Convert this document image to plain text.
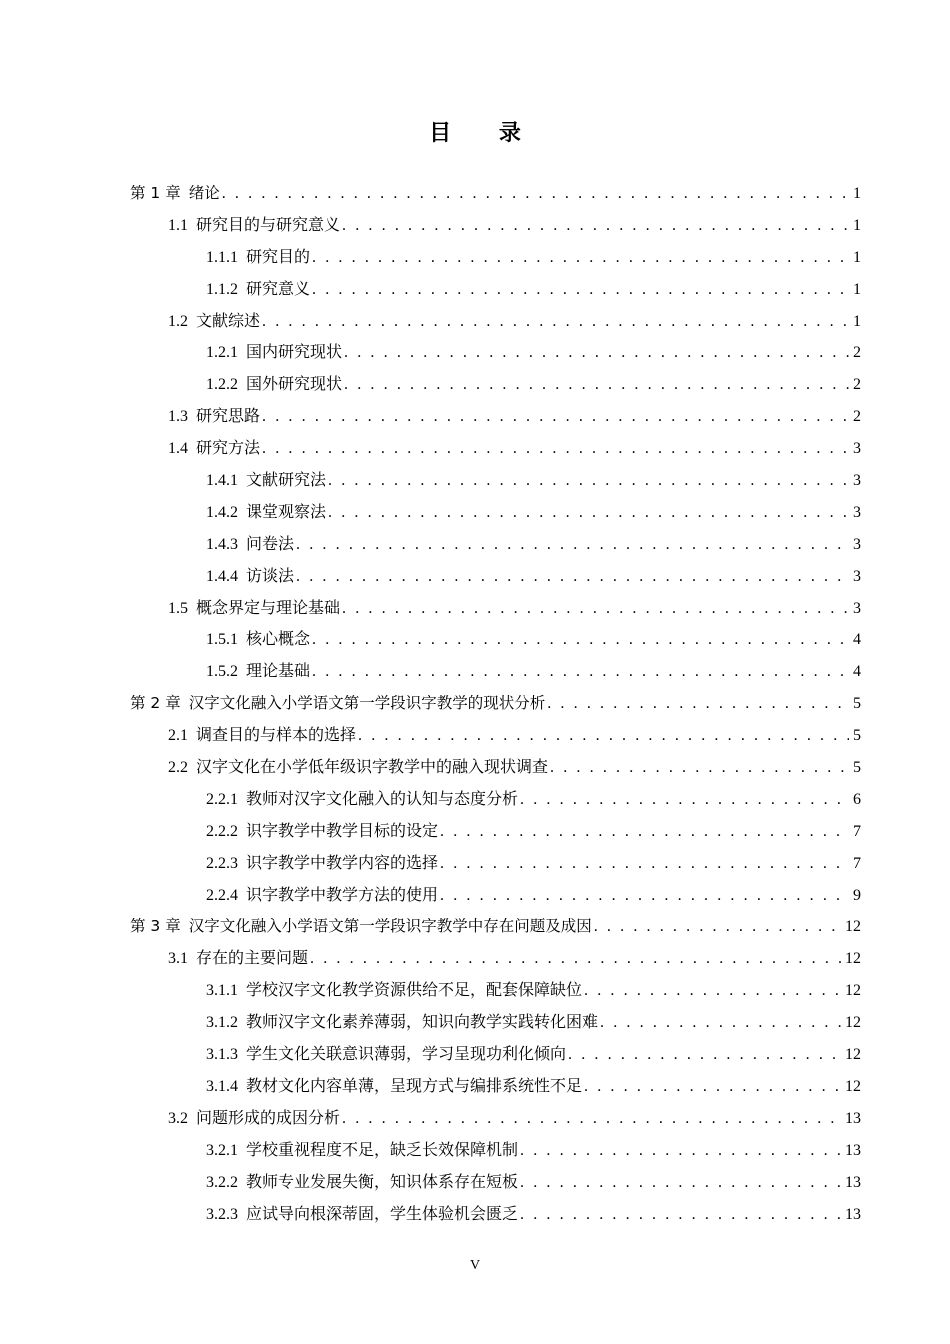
目 录
第 1 章 绪论 . . .	1
1.1 研究目的与研究意义 . . .	1
1.1.1 研究目的 . . .	1
1.1.2 研究意义 . . .	1
1.2 文献综述 . . .	1
1.2.1 国内研究现状 . . .	2
1.2.2 国外研究现状 . . .	2
1.3 研究思路 . . .	2
1.4 研究方法 . . .	3
1.4.1 文献研究法 . . .	3
1.4.2 课堂观察法 . . .	3
1.4.3 问卷法 . . .	3
1.4.4 访谈法 . . .	3
1.5 概念界定与理论基础 . . .	3
1.5.1 核心概念 . . .	4
1.5.2 理论基础 . . .	4
第 2 章 汉字文化融入小学语文第一学段识字教学的现状分析 . . .	5
2.1 调查目的与样本的选择 . . .	5
2.2 汉字文化在小学低年级识字教学中的融入现状调查 . . .	5
2.2.1 教师对汉字文化融入的认知与态度分析 . . .	6
2.2.2 识字教学中教学目标的设定 . . .	7
2.2.3 识字教学中教学内容的选择 . . .	7
2.2.4 识字教学中教学方法的使用 . . .	9
第 3 章 汉字文化融入小学语文第一学段识字教学中存在问题及成因 . . .	12
3.1 存在的主要问题 . . .	12
3.1.1 学校汉字文化教学资源供给不足，配套保障缺位 . . .	12
3.1.2 教师汉字文化素养薄弱，知识向教学实践转化困难 . . .	12
3.1.3 学生文化关联意识薄弱，学习呈现功利化倾向 . . .	12
3.1.4 教材文化内容单薄，呈现方式与编排系统性不足 . . .	12
3.2 问题形成的成因分析 . . .	13
3.2.1 学校重视程度不足，缺乏长效保障机制 . . .	13
3.2.2 教师专业发展失衡，知识体系存在短板 . . .	13
3.2.3 应试导向根深蒂固，学生体验机会匮乏 . . .	13
V
